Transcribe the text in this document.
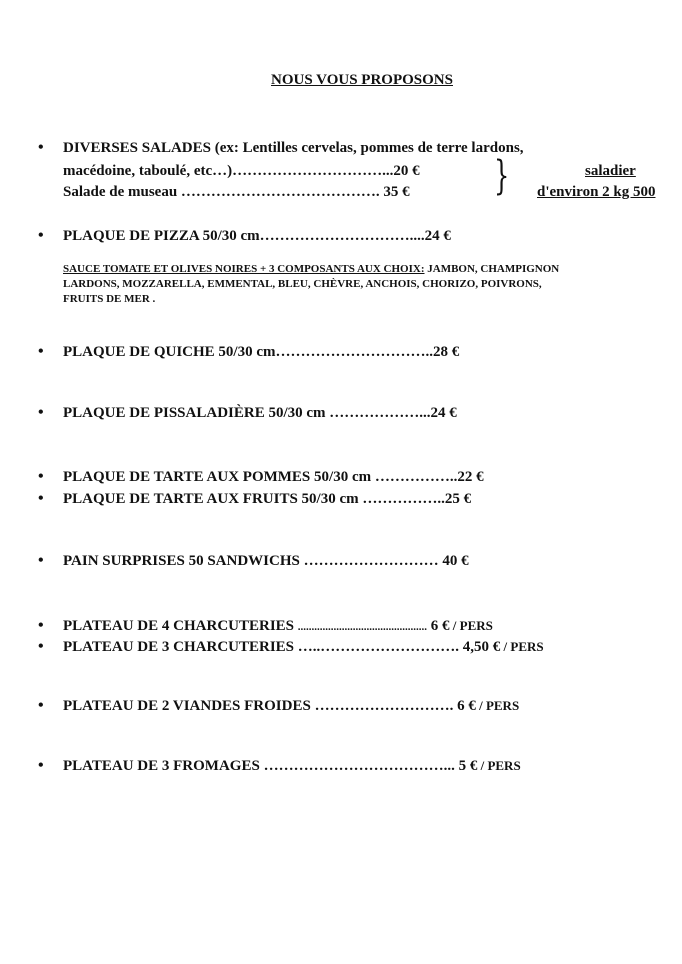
NOUS VOUS PROPOSONS
• DIVERSES SALADES (ex: Lentilles cervelas, pommes de terre lardons,
macédoine, taboulé, etc…)…………………………...20 €
Salade de museau …………………………………. 35 € }	saladier
d'environ 2 kg 500
• PLAQUE DE PIZZA 50/30 cm…………………………....24 €
SAUCE TOMATE ET OLIVES NOIRES + 3 COMPOSANTS AUX CHOIX: JAMBON, CHAMPIGNON
LARDONS, MOZZARELLA, EMMENTAL, BLEU, CHÈVRE, ANCHOIS, CHORIZO, POIVRONS,
FRUITS DE MER .
• PLAQUE DE QUICHE 50/30 cm…………………………..28 €
• PLAQUE DE PISSALADIÈRE 50/30 cm ………………...24 €
• PLAQUE DE TARTE AUX POMMES 50/30 cm ……………..22 €
• PLAQUE DE TARTE AUX FRUITS 50/30 cm ……………..25 €
• PAIN SURPRISES 50 SANDWICHS ……………………… 40 €
• PLATEAU DE 4 CHARCUTERIES ............................................... 6 € / PERS
• PLATEAU DE 3 CHARCUTERIES …..………………………. 4,50 € / PERS
• PLATEAU DE 2 VIANDES FROIDES ………………………. 6 € / PERS
• PLATEAU DE 3 FROMAGES ………………………………... 5 € / PERS
